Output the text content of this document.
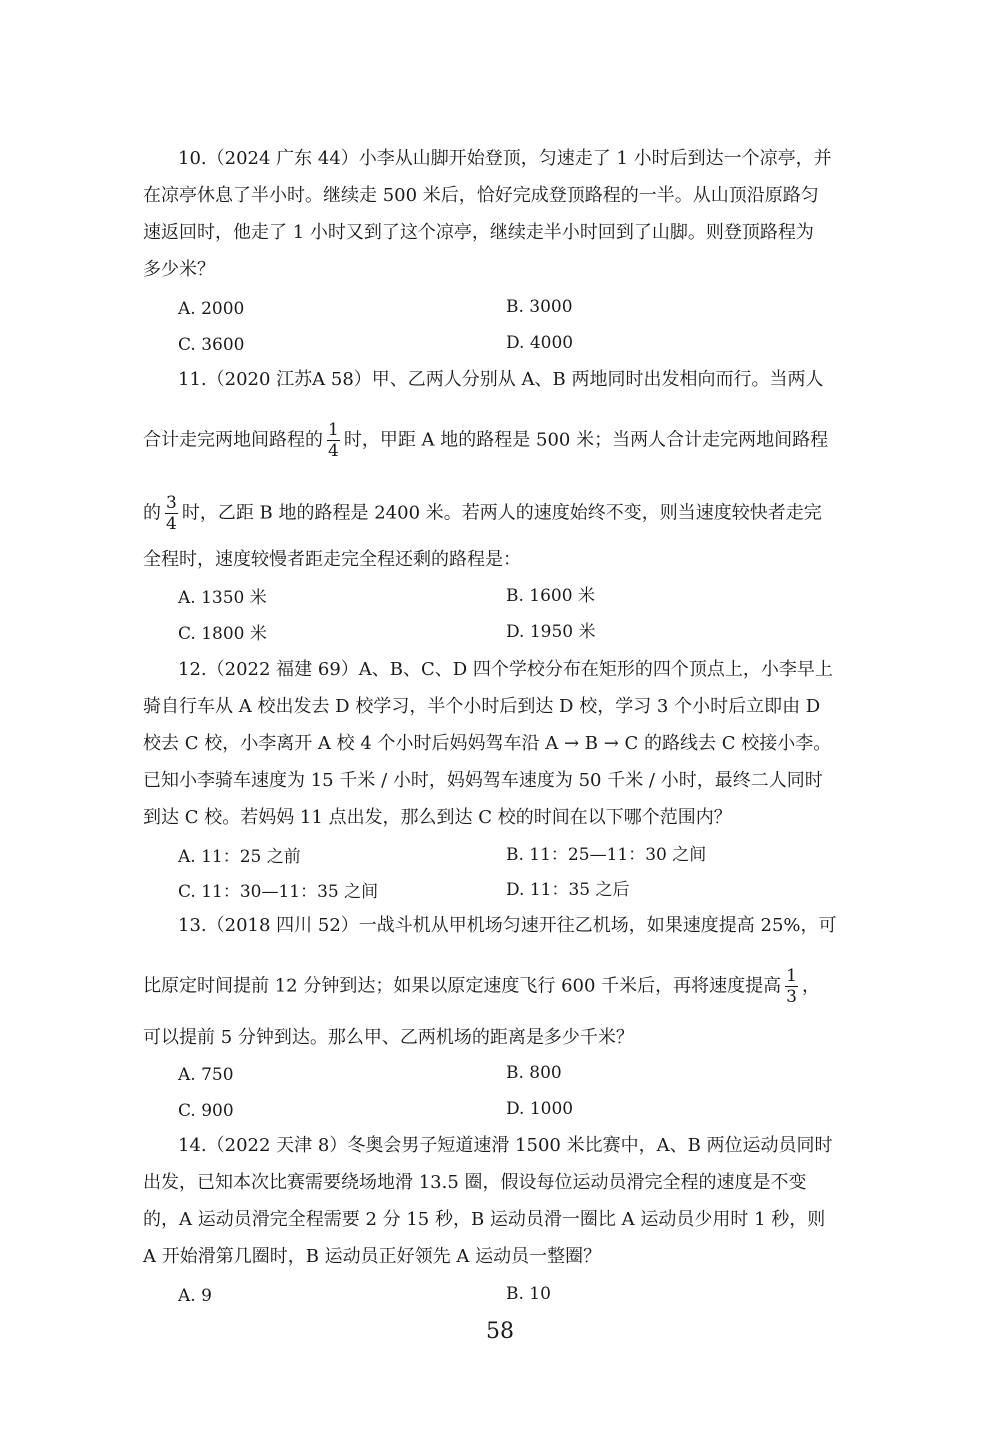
10.（2024 广东 44）小李从山脚开始登顶，匀速走了 1 小时后到达一个凉亭，并
在凉亭休息了半小时。继续走 500 米后，恰好完成登顶路程的一半。从山顶沿原路匀
速返回时，他走了 1 小时又到了这个凉亭，继续走半小时回到了山脚。则登顶路程为
多少米？
A. 2000	B. 3000
C. 3600	D. 4000
11.（2020 江苏A 58）甲、乙两人分别从 A、B 两地同时出发相向而行。当两人
合计走完两地间路程的 $\frac{1}{4}$ 时，甲距 A 地的路程是 500 米；当两人合计走完两地间路程
的 $\frac{3}{4}$ 时，乙距 B 地的路程是 2400 米。若两人的速度始终不变，则当速度较快者走完
全程时，速度较慢者距走完全程还剩的路程是：
A. 1350 米	B. 1600 米
C. 1800 米	D. 1950 米
12.（2022 福建 69）A、B、C、D 四个学校分布在矩形的四个顶点上，小李早上
骑自行车从 A 校出发去 D 校学习，半个小时后到达 D 校，学习 3 个小时后立即由 D
校去 C 校，小李离开 A 校 4 个小时后妈妈驾车沿 A → B → C 的路线去 C 校接小李。
已知小李骑车速度为 15 千米 / 小时，妈妈驾车速度为 50 千米 / 小时，最终二人同时
到达 C 校。若妈妈 11 点出发，那么到达 C 校的时间在以下哪个范围内？
A. 11：25 之前	B. 11：25—11：30 之间
C. 11：30—11：35 之间	D. 11：35 之后
13.（2018 四川 52）一战斗机从甲机场匀速开往乙机场，如果速度提高 25%，可
比原定时间提前 12 分钟到达；如果以原定速度飞行 600 千米后，再将速度提高 $\frac{1}{3}$ ，
可以提前 5 分钟到达。那么甲、乙两机场的距离是多少千米？
A. 750	B. 800
C. 900	D. 1000
14.（2022 天津 8）冬奥会男子短道速滑 1500 米比赛中，A、B 两位运动员同时
出发，已知本次比赛需要绕场地滑 13.5 圈，假设每位运动员滑完全程的速度是不变
的，A 运动员滑完全程需要 2 分 15 秒，B 运动员滑一圈比 A 运动员少用时 1 秒，则
A 开始滑第几圈时，B 运动员正好领先 A 运动员一整圈？
A. 9	B. 10
58
